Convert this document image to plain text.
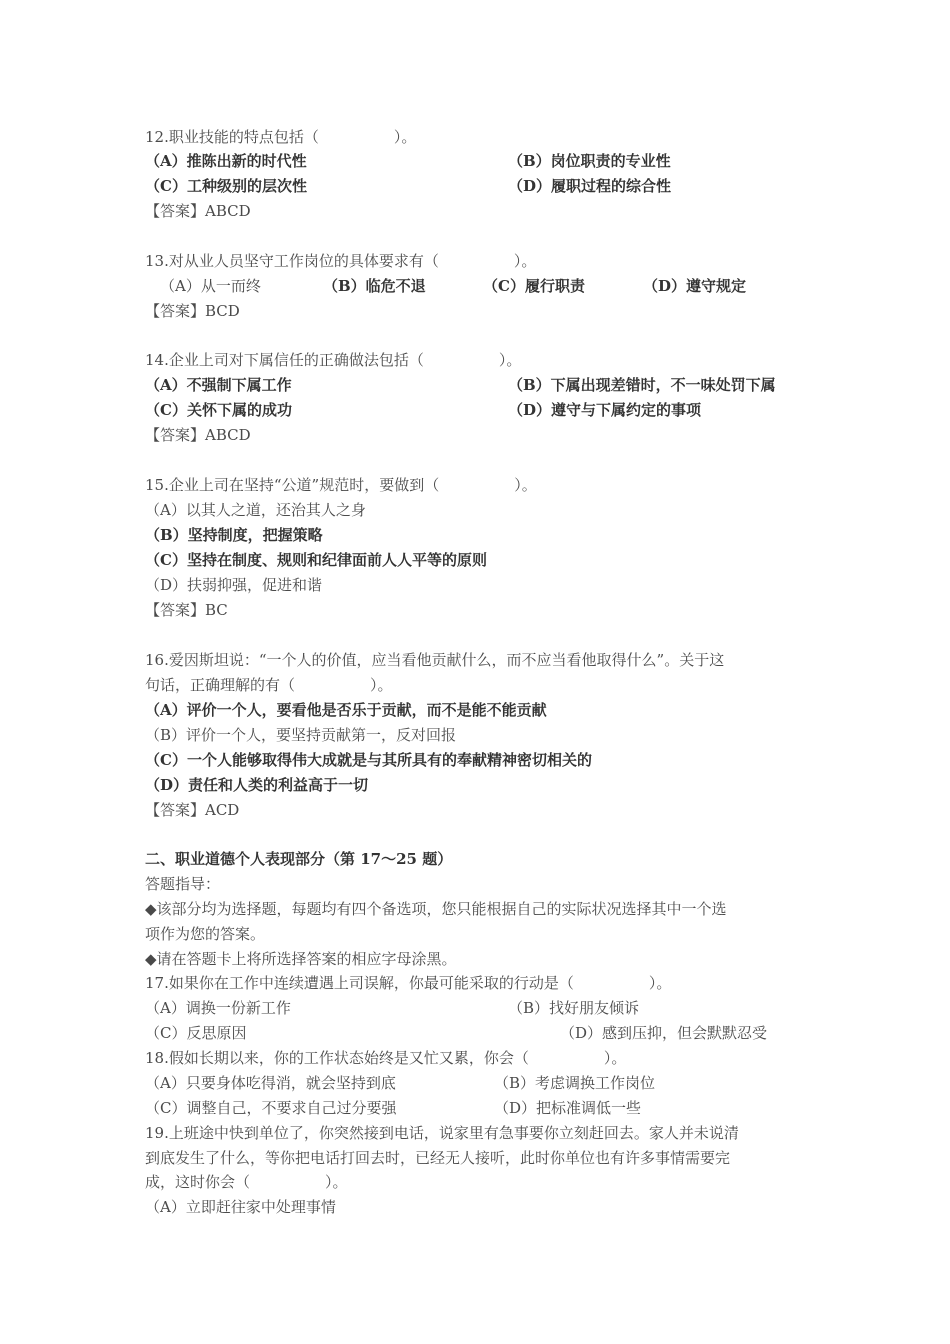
12.职业技能的特点包括（　　　　　）。
（A）推陈出新的时代性	（B）岗位职责的专业性
（C）工种级别的层次性	（D）履职过程的综合性
【答案】ABCD
13.对从业人员坚守工作岗位的具体要求有（　　　　　）。
（A）从一而终	（B）临危不退	（C）履行职责	（D）遵守规定
【答案】BCD
14.企业上司对下属信任的正确做法包括（　　　　　）。
（A）不强制下属工作	（B）下属出现差错时，不一味处罚下属
（C）关怀下属的成功	（D）遵守与下属约定的事项
【答案】ABCD
15.企业上司在坚持“公道”规范时，要做到（　　　　　）。
（A）以其人之道，还治其人之身
（B）坚持制度，把握策略
（C）坚持在制度、规则和纪律面前人人平等的原则
（D）扶弱抑强，促进和谐
【答案】BC
16.爱因斯坦说：“一个人的价值，应当看他贡献什么，而不应当看他取得什么”。关于这
句话，正确理解的有（　　　　　）。
（A）评价一个人，要看他是否乐于贡献，而不是能不能贡献
（B）评价一个人，要坚持贡献第一，反对回报
（C）一个人能够取得伟大成就是与其所具有的奉献精神密切相关的
（D）责任和人类的利益高于一切
【答案】ACD
二、职业道德个人表现部分（第 17～25 题）
答题指导：
◆该部分均为选择题，每题均有四个备选项，您只能根据自己的实际状况选择其中一个选
项作为您的答案。
◆请在答题卡上将所选择答案的相应字母涂黑。
17.如果你在工作中连续遭遇上司误解，你最可能采取的行动是（　　　　　）。
（A）调换一份新工作	（B）找好朋友倾诉
（C）反思原因	（D）感到压抑，但会默默忍受
18.假如长期以来，你的工作状态始终是又忙又累，你会（　　　　　）。
（A）只要身体吃得消，就会坚持到底	（B）考虑调换工作岗位
（C）调整自己，不要求自己过分要强	（D）把标准调低一些
19.上班途中快到单位了，你突然接到电话，说家里有急事要你立刻赶回去。家人并未说清
到底发生了什么，等你把电话打回去时，已经无人接听，此时你单位也有许多事情需要完
成，这时你会（　　　　　）。
（A）立即赶往家中处理事情
